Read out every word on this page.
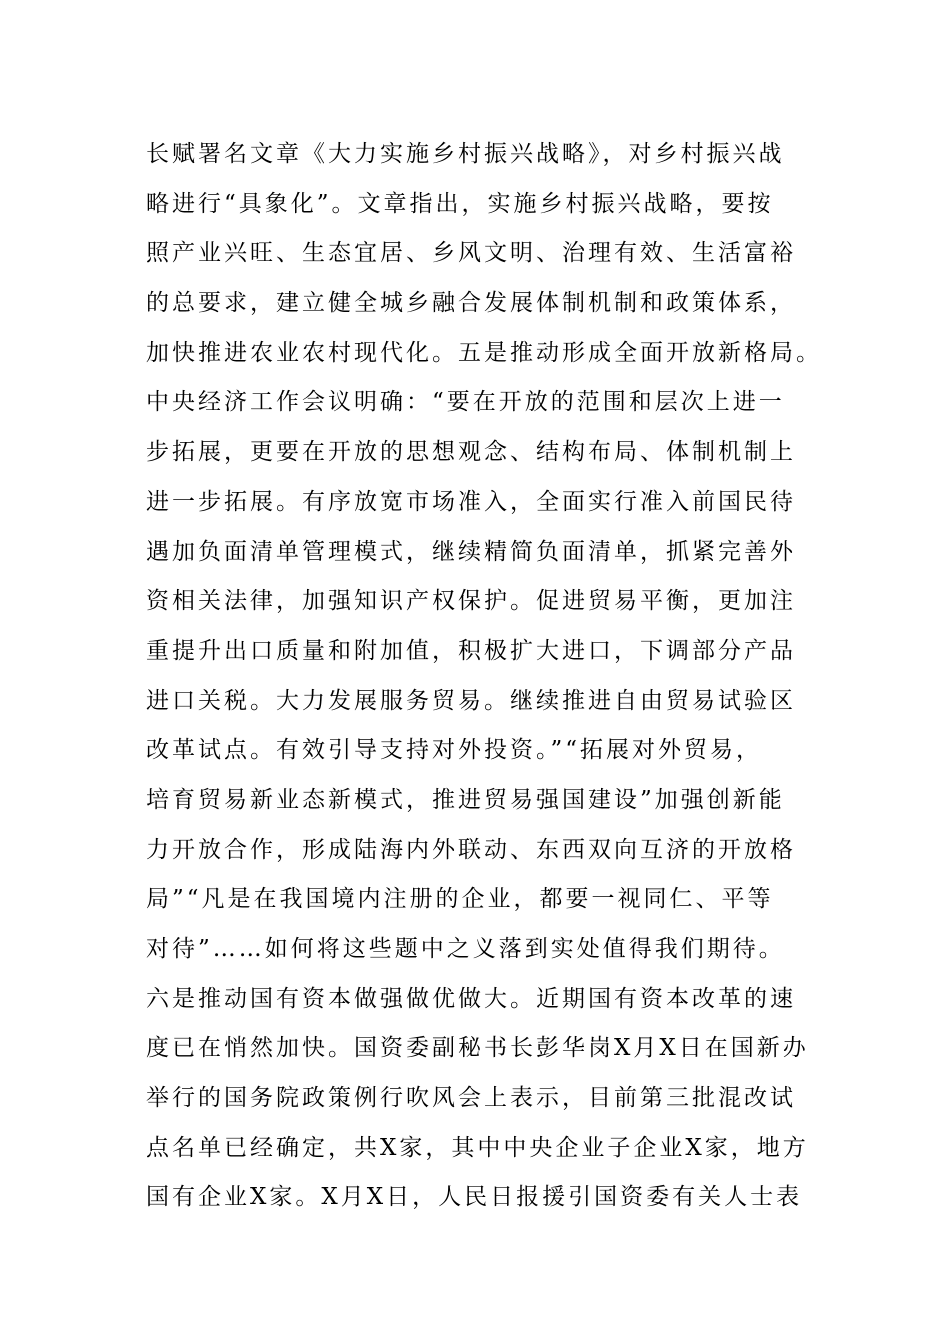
长赋署名文章《大力实施乡村振兴战略》，对乡村振兴战
略进行“具象化”。文章指出，实施乡村振兴战略，要按
照产业兴旺、生态宜居、乡风文明、治理有效、生活富裕
的总要求，建立健全城乡融合发展体制机制和政策体系，
加快推进农业农村现代化。五是推动形成全面开放新格局。
中央经济工作会议明确：“要在开放的范围和层次上进一
步拓展，更要在开放的思想观念、结构布局、体制机制上
进一步拓展。有序放宽市场准入，全面实行准入前国民待
遇加负面清单管理模式，继续精简负面清单，抓紧完善外
资相关法律，加强知识产权保护。促进贸易平衡，更加注
重提升出口质量和附加值，积极扩大进口，下调部分产品
进口关税。大力发展服务贸易。继续推进自由贸易试验区
改革试点。有效引导支持对外投资。”“拓展对外贸易，
培育贸易新业态新模式，推进贸易强国建设”加强创新能
力开放合作，形成陆海内外联动、东西双向互济的开放格
局”“凡是在我国境内注册的企业，都要一视同仁、平等
对待”……如何将这些题中之义落到实处值得我们期待。
六是推动国有资本做强做优做大。近期国有资本改革的速
度已在悄然加快。国资委副秘书长彭华岗X月X日在国新办
举行的国务院政策例行吹风会上表示，目前第三批混改试
点名单已经确定，共X家，其中中央企业子企业X家，地方
国有企业X家。X月X日，人民日报援引国资委有关人士表
